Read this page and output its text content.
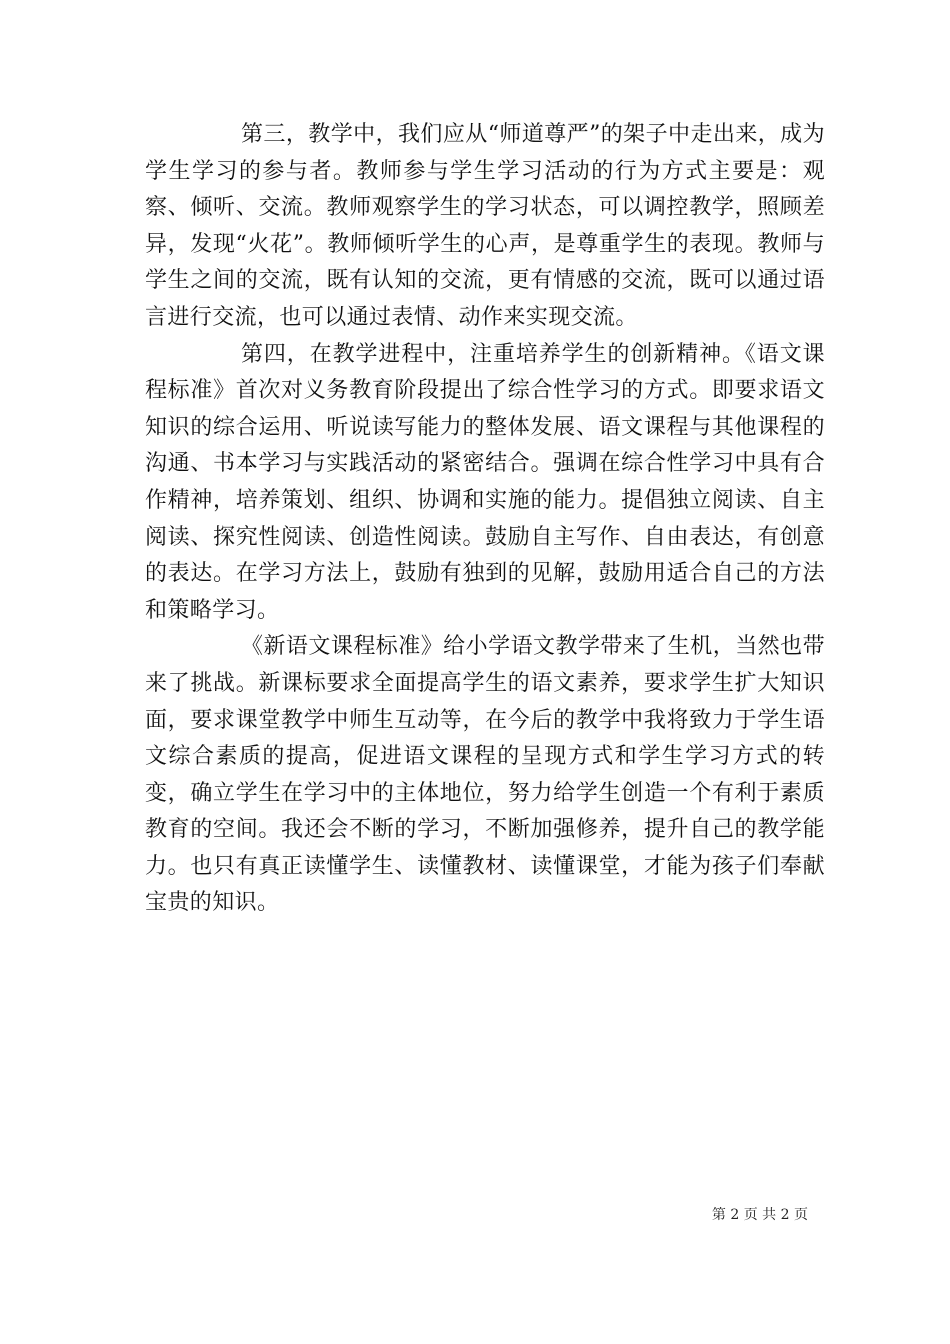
第三，教学中，我们应从“师道尊严”的架子中走出来，成为学生学习的参与者。教师参与学生学习活动的行为方式主要是：观察、倾听、交流。教师观察学生的学习状态，可以调控教学，照顾差异，发现“火花”。教师倾听学生的心声，是尊重学生的表现。教师与学生之间的交流，既有认知的交流，更有情感的交流，既可以通过语言进行交流，也可以通过表情、动作来实现交流。

第四，在教学进程中，注重培养学生的创新精神。《语文课程标准》首次对义务教育阶段提出了综合性学习的方式。即要求语文知识的综合运用、听说读写能力的整体发展、语文课程与其他课程的沟通、书本学习与实践活动的紧密结合。强调在综合性学习中具有合作精神，培养策划、组织、协调和实施的能力。提倡独立阅读、自主阅读、探究性阅读、创造性阅读。鼓励自主写作、自由表达，有创意的表达。在学习方法上，鼓励有独到的见解，鼓励用适合自己的方法和策略学习。

《新语文课程标准》给小学语文教学带来了生机，当然也带来了挑战。新课标要求全面提高学生的语文素养，要求学生扩大知识面，要求课堂教学中师生互动等，在今后的教学中我将致力于学生语文综合素质的提高，促进语文课程的呈现方式和学生学习方式的转变，确立学生在学习中的主体地位，努力给学生创造一个有利于素质教育的空间。我还会不断的学习，不断加强修养，提升自己的教学能力。也只有真正读懂学生、读懂教材、读懂课堂，才能为孩子们奉献宝贵的知识。

第 2 页 共 2 页
